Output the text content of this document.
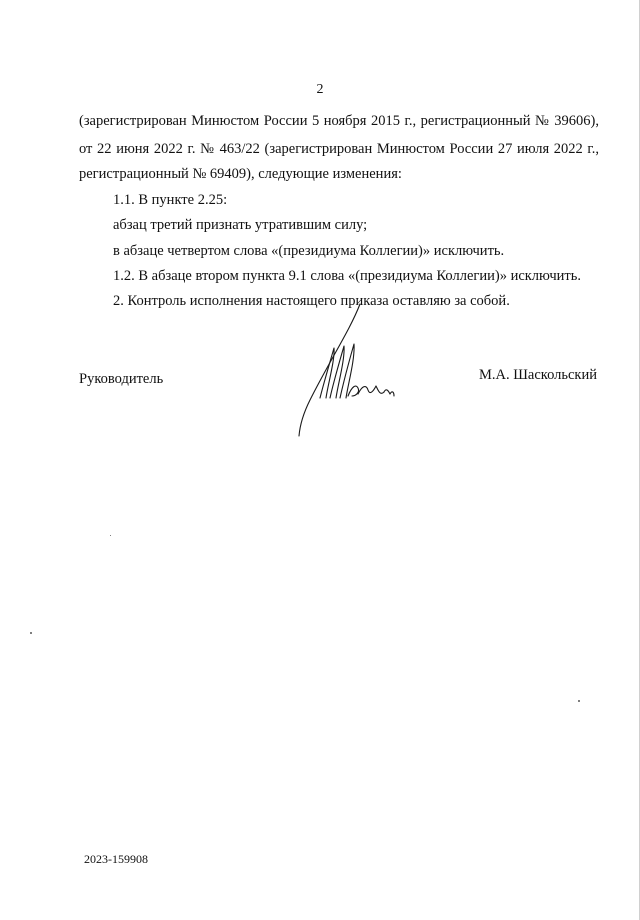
2
(зарегистрирован Минюстом России 5 ноября 2015 г., регистрационный № 39606),
от 22 июня 2022 г. № 463/22 (зарегистрирован Минюстом России 27 июля 2022 г.,
регистрационный № 69409), следующие изменения:
1.1. В пункте 2.25:
абзац третий признать утратившим силу;
в абзаце четвертом слова «(президиума Коллегии)» исключить.
1.2. В абзаце втором пункта 9.1 слова «(президиума Коллегии)» исключить.
2. Контроль исполнения настоящего приказа оставляю за собой.
Руководитель	М.А. Шаскольский
2023-159908
